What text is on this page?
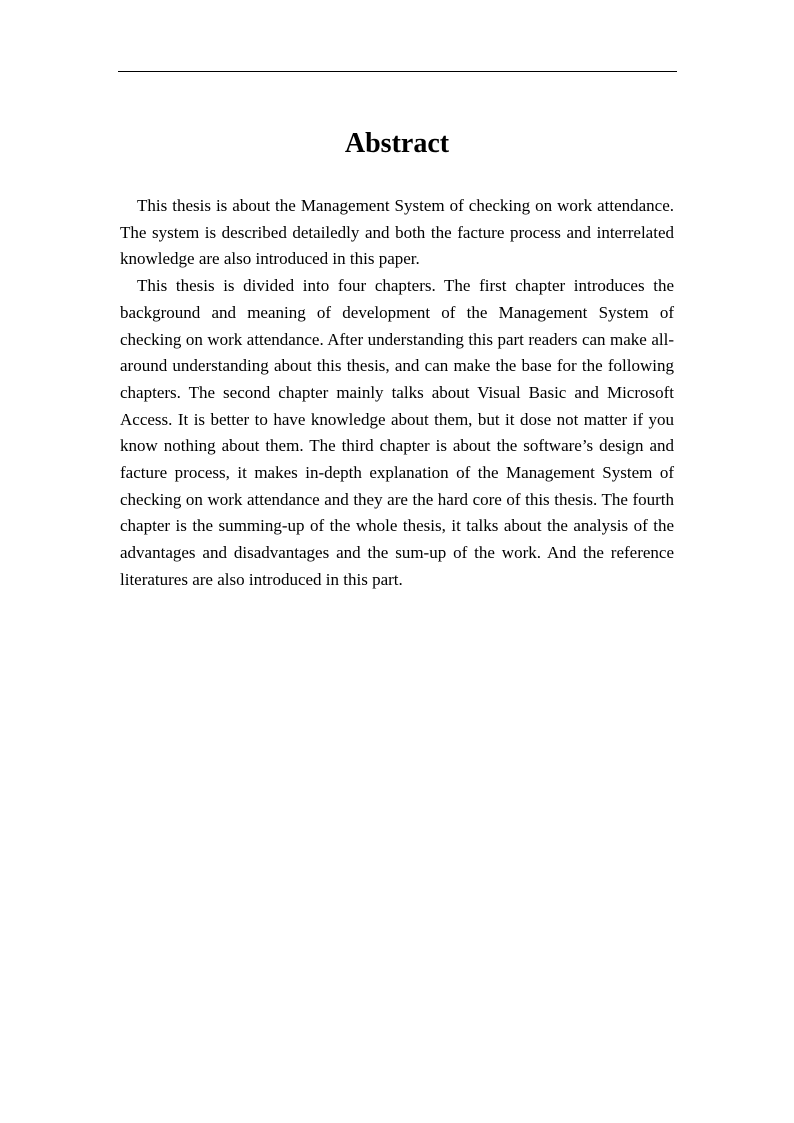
Abstract

This thesis is about the Management System of checking on work attendance. The system is described detailedly and both the facture process and interrelated knowledge are also introduced in this paper.

This thesis is divided into four chapters. The first chapter introduces the background and meaning of development of the Management System of checking on work attendance. After understanding this part readers can make all-around understanding about this thesis, and can make the base for the following chapters. The second chapter mainly talks about Visual Basic and Microsoft Access. It is better to have knowledge about them, but it dose not matter if you know nothing about them. The third chapter is about the software’s design and facture process, it makes in-depth explanation of the Management System of checking on work attendance and they are the hard core of this thesis. The fourth chapter is the summing-up of the whole thesis, it talks about the analysis of the advantages and disadvantages and the sum-up of the work. And the reference literatures are also introduced in this part.
